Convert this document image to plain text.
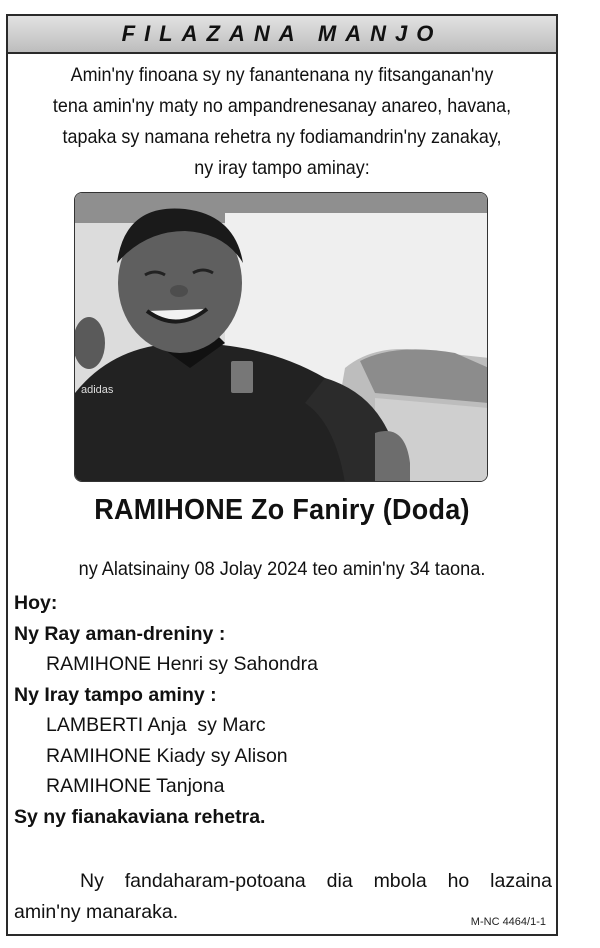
FILAZANA MANJO

Amin'ny finoana sy ny fanantenana ny fitsanganan'ny

tena amin'ny maty no ampandrenesanay anareo, havana,

tapaka sy namana rehetra ny fodiamandrin'ny zanakay,

ny iray tampo aminay:

adidas
RAMIHONE Zo Faniry (Doda)
ny Alatsinainy 08 Jolay 2024 teo amin'ny 34 taona.
Hoy:
Ny Ray aman-dreniny :
RAMIHONE Henri sy Sahondra
Ny Iray tampo aminy :
LAMBERTI Anja  sy Marc
RAMIHONE Kiady sy Alison
RAMIHONE Tanjona
Sy ny fianakaviana rehetra.
Ny fandaharam-potoana dia mbola ho lazaina
amin'ny manaraka.	M-NC 4464/1-1
